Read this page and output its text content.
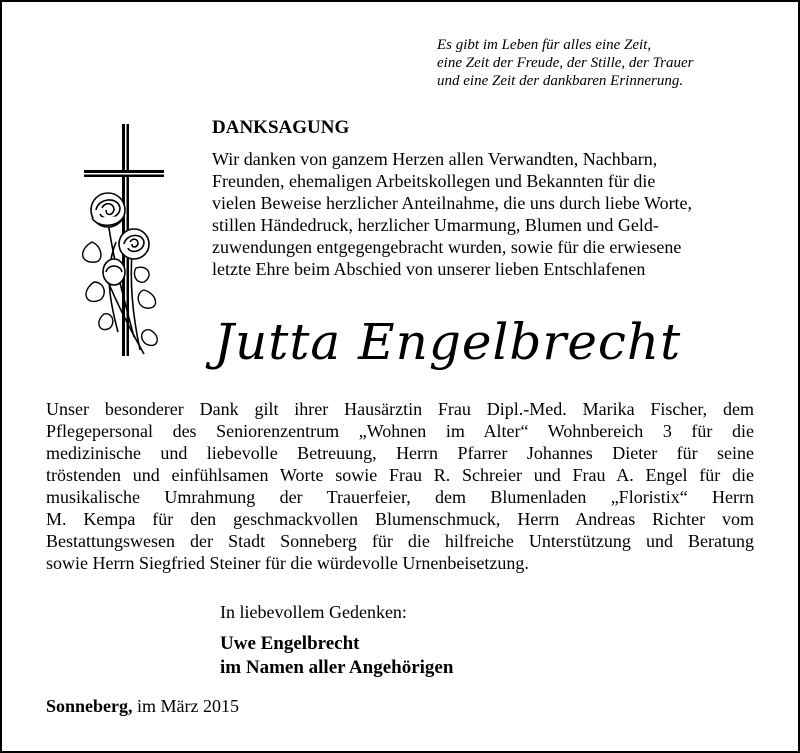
Es gibt im Leben für alles eine Zeit,
eine Zeit der Freude, der Stille, der Trauer
und eine Zeit der dankbaren Erinnerung.
DANKSAGUNG
Wir danken von ganzem Herzen allen Verwandten, Nachbarn,
Freunden, ehemaligen Arbeitskollegen und Bekannten für die
vielen Beweise herzlicher Anteilnahme, die uns durch liebe Worte,
stillen Händedruck, herzlicher Umarmung, Blumen und Geld-
zuwendungen entgegengebracht wurden, sowie für die erwiesene
letzte Ehre beim Abschied von unserer lieben Entschlafenen
Jutta Engelbrecht
Unser besonderer Dank gilt ihrer Hausärztin Frau Dipl.-Med. Marika Fischer, dem
Pflegepersonal des Seniorenzentrum „Wohnen im Alter“ Wohnbereich 3 für die
medizinische und liebevolle Betreuung, Herrn Pfarrer Johannes Dieter für seine
tröstenden und einfühlsamen Worte sowie Frau R. Schreier und Frau A. Engel für die
musikalische Umrahmung der Trauerfeier, dem Blumenladen „Floristix“ Herrn
M. Kempa für den geschmackvollen Blumenschmuck, Herrn Andreas Richter vom
Bestattungswesen der Stadt Sonneberg für die hilfreiche Unterstützung und Beratung
sowie Herrn Siegfried Steiner für die würdevolle Urnenbeisetzung.
In liebevollem Gedenken:
Uwe Engelbrecht
im Namen aller Angehörigen
Sonneberg, im März 2015
